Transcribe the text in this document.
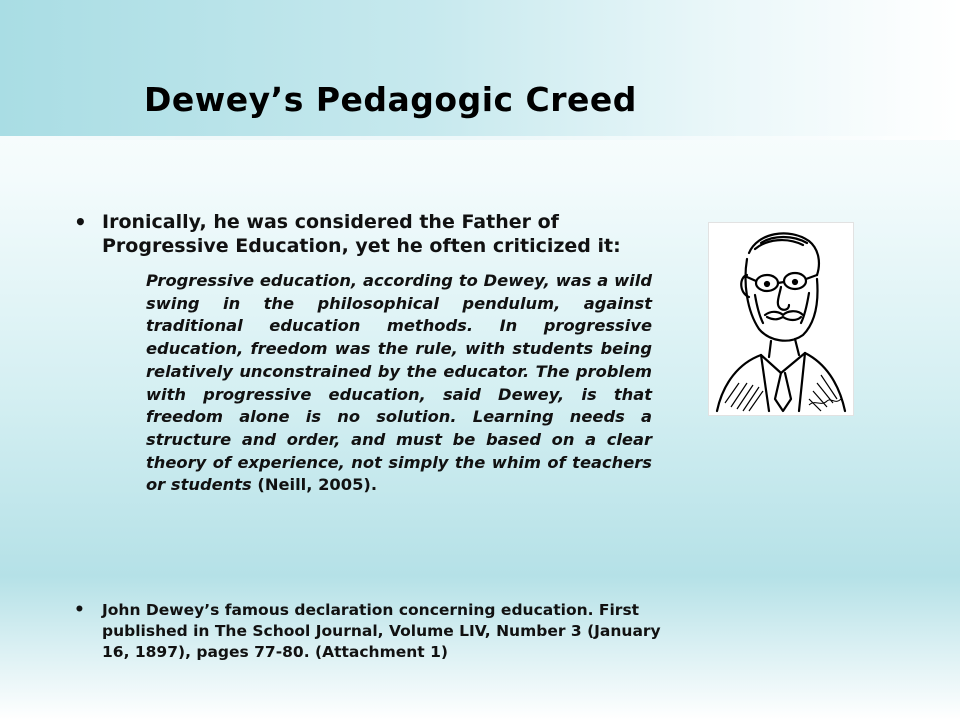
Dewey’s Pedagogic Creed

• Ironically, he was considered the Father of Progressive Education, yet he often criticized it:

Progressive education, according to Dewey, was a wild swing in the philosophical pendulum, against traditional education methods. In progressive education, freedom was the rule, with students being relatively unconstrained by the educator. The problem with progressive education, said Dewey, is that freedom alone is no solution. Learning needs a structure and order, and must be based on a clear theory of experience, not simply the whim of teachers or students (Neill, 2005).

• John Dewey’s famous declaration concerning education. First published in The School Journal, Volume LIV, Number 3 (January 16, 1897), pages 77-80. (Attachment 1)
